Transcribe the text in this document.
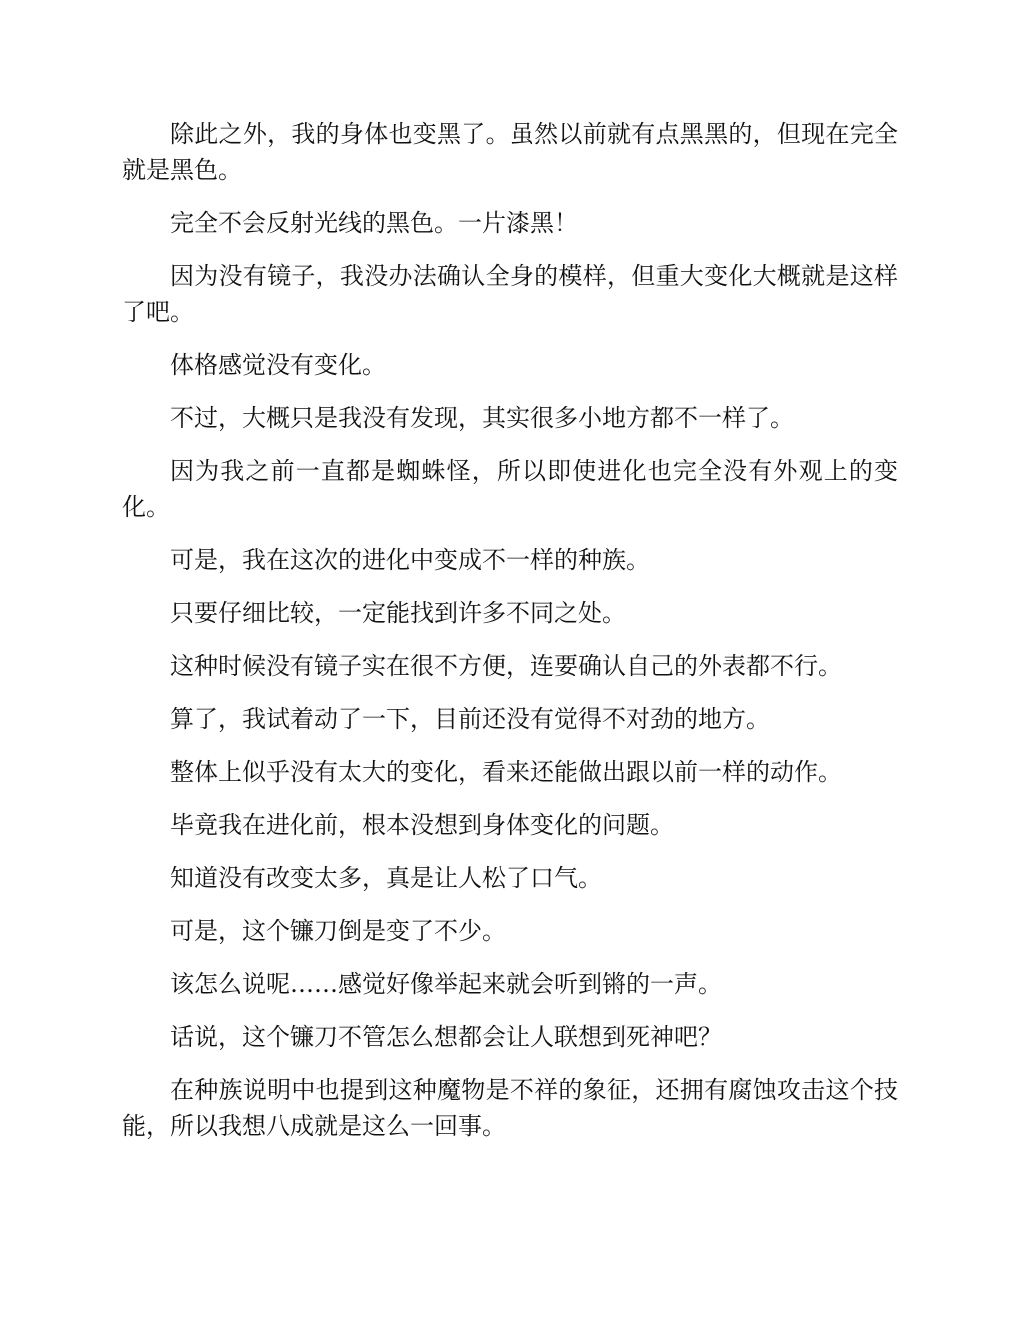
除此之外，我的身体也变黑了。虽然以前就有点黑黑的，但现在完全就是黑色。

完全不会反射光线的黑色。一片漆黑！

因为没有镜子，我没办法确认全身的模样，但重大变化大概就是这样了吧。

体格感觉没有变化。

不过，大概只是我没有发现，其实很多小地方都不一样了。

因为我之前一直都是蜘蛛怪，所以即使进化也完全没有外观上的变化。

可是，我在这次的进化中变成不一样的种族。

只要仔细比较，一定能找到许多不同之处。

这种时候没有镜子实在很不方便，连要确认自己的外表都不行。

算了，我试着动了一下，目前还没有觉得不对劲的地方。

整体上似乎没有太大的变化，看来还能做出跟以前一样的动作。

毕竟我在进化前，根本没想到身体变化的问题。

知道没有改变太多，真是让人松了口气。

可是，这个镰刀倒是变了不少。

该怎么说呢……感觉好像举起来就会听到锵的一声。

话说，这个镰刀不管怎么想都会让人联想到死神吧？

在种族说明中也提到这种魔物是不祥的象征，还拥有腐蚀攻击这个技能，所以我想八成就是这么一回事。
